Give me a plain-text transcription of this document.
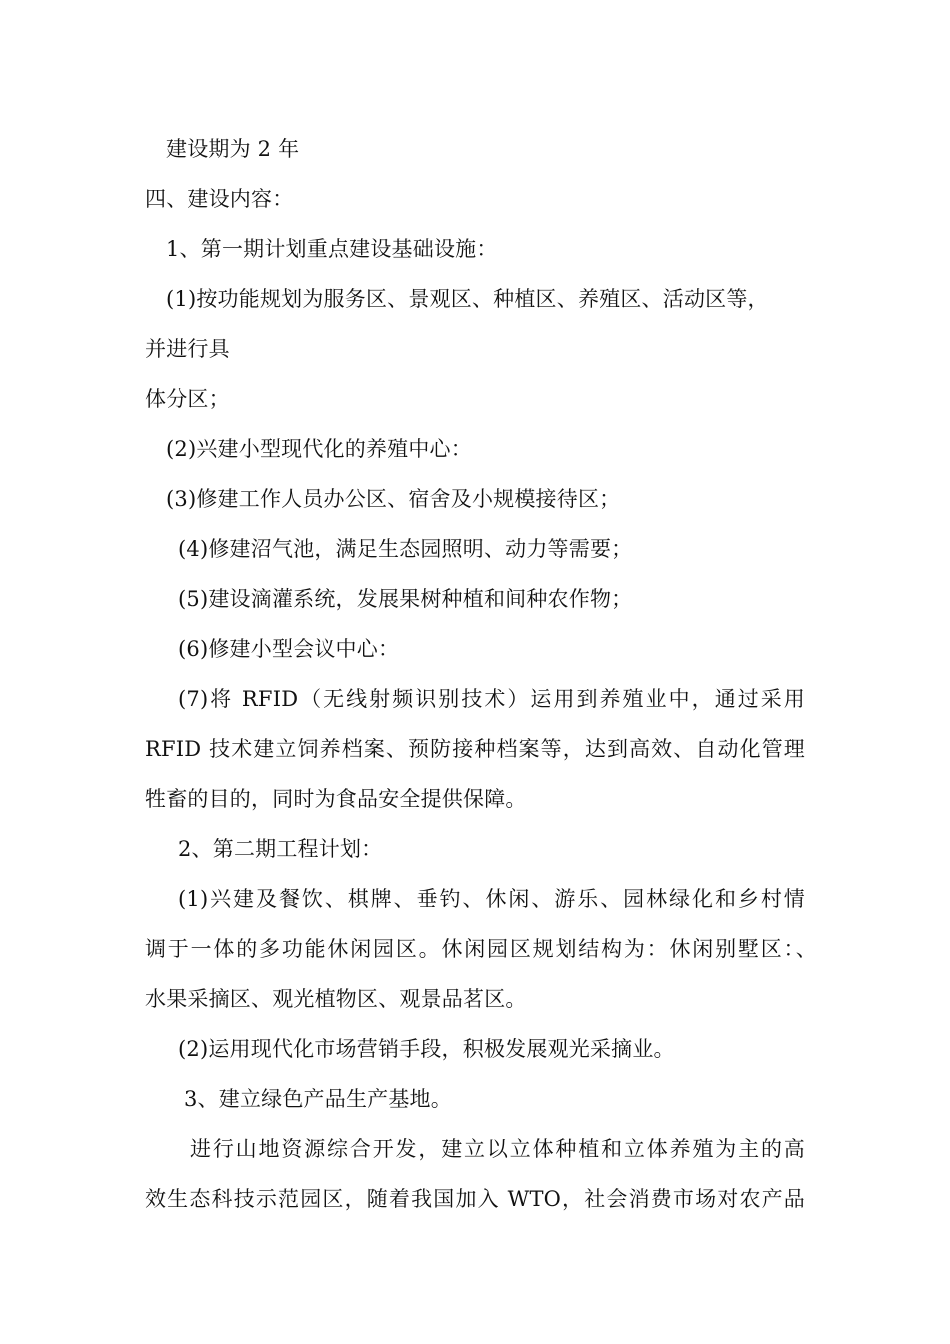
建设期为 2 年
四、建设内容：
1、第一期计划重点建设基础设施：
(1)按功能规划为服务区、景观区、种植区、养殖区、活动区等，
并进行具
体分区；
(2)兴建小型现代化的养殖中心：
(3)修建工作人员办公区、宿舍及小规模接待区；
(4)修建沼气池，满足生态园照明、动力等需要；
(5)建设滴灌系统，发展果树种植和间种农作物；
(6)修建小型会议中心：
(7)将 RFID（无线射频识别技术）运用到养殖业中，通过采用
RFID 技术建立饲养档案、预防接种档案等，达到高效、自动化管理
牲畜的目的，同时为食品安全提供保障。
2、第二期工程计划：
(1)兴建及餐饮、棋牌、垂钓、休闲、游乐、园林绿化和乡村情
调于一体的多功能休闲园区。休闲园区规划结构为：休闲别墅区：、
水果采摘区、观光植物区、观景品茗区。
(2)运用现代化市场营销手段，积极发展观光采摘业。
3、建立绿色产品生产基地。
进行山地资源综合开发，建立以立体种植和立体养殖为主的高
效生态科技示范园区，随着我国加入 WTO，社会消费市场对农产品
